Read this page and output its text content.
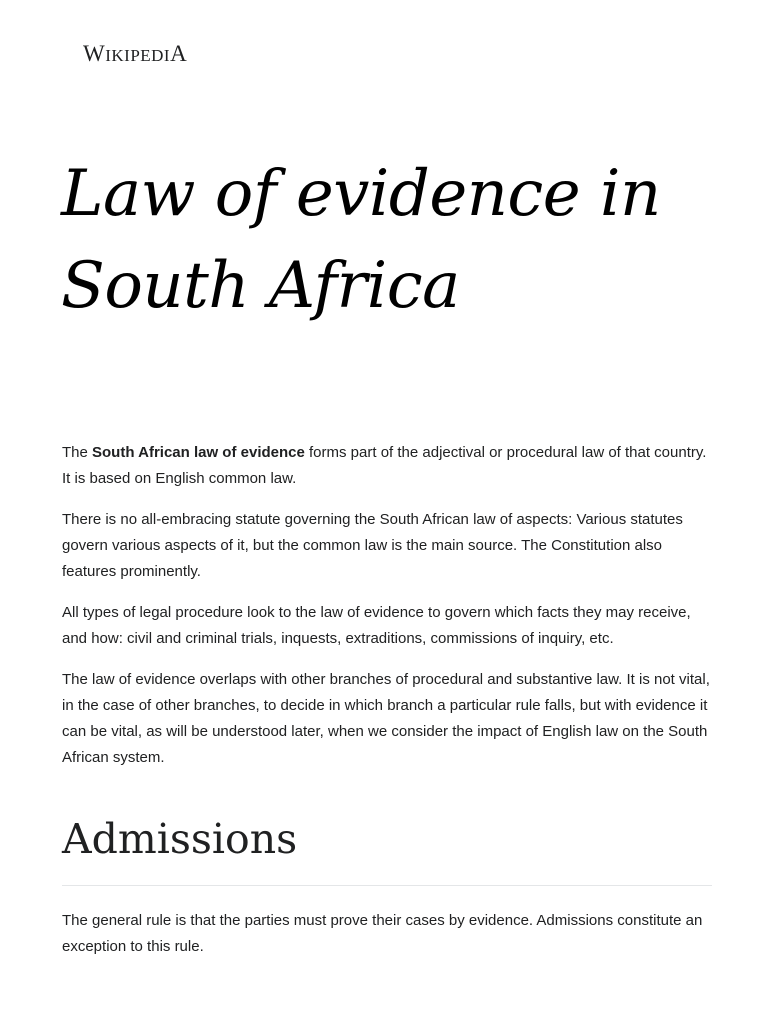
WIKIPEDIA
Law of evidence in South Africa

The South African law of evidence forms part of the adjectival or procedural law of that country. It is based on English common law.

There is no all-embracing statute governing the South African law of aspects: Various statutes govern various aspects of it, but the common law is the main source. The Constitution also features prominently.

All types of legal procedure look to the law of evidence to govern which facts they may receive, and how: civil and criminal trials, inquests, extraditions, commissions of inquiry, etc.

The law of evidence overlaps with other branches of procedural and substantive law. It is not vital, in the case of other branches, to decide in which branch a particular rule falls, but with evidence it can be vital, as will be understood later, when we consider the impact of English law on the South African system.

Admissions

The general rule is that the parties must prove their cases by evidence. Admissions constitute an exception to this rule.
